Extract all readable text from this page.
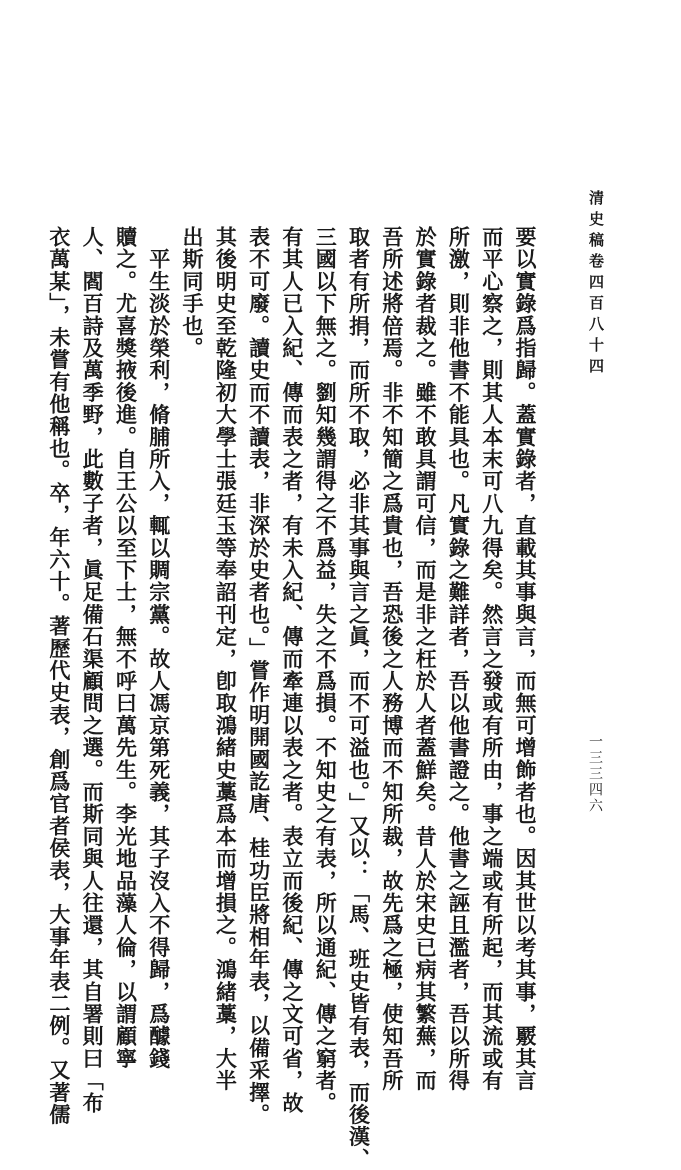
清史稿卷四百八十四
一三三四六
要以實錄爲指歸。蓋實錄者，直載其事與言，而無可增飾者也。因其世以考其事，覈其言
而平心察之，則其人本末可八九得矣。然言之發或有所由，事之端或有所起，而其流或有
所激，則非他書不能具也。凡實錄之難詳者，吾以他書證之。他書之誣且濫者，吾以所得
於實錄者裁之。雖不敢具謂可信，而是非之枉於人者蓋鮮矣。昔人於宋史已病其繁蕪，而
吾所述將倍焉。非不知簡之爲貴也，吾恐後之人務博而不知所裁，故先爲之極，使知吾所
取者有所捐，而所不取，必非其事與言之眞，而不可溢也。」又以：「馬、班史皆有表，而後漢、
三國以下無之。劉知幾謂得之不爲益，失之不爲損。不知史之有表，所以通紀、傳之窮者。
有其人已入紀、傳而表之者，有未入紀、傳而牽連以表之者。表立而後紀、傳之文可省，故
表不可廢。讀史而不讀表，非深於史者也。」嘗作明開國訖唐、桂功臣將相年表，以備采擇。
其後明史至乾隆初大學士張廷玉等奉詔刊定，卽取鴻緒史藁爲本而增損之。鴻緒藁，大半
出斯同手也。
　平生淡於榮利，脩脯所入，輒以賙宗黨。故人馮京第死義，其子沒入不得歸，爲醵錢
贖之。尤喜獎掖後進。自王公以至下士，無不呼曰萬先生。李光地品藻人倫，以謂顧寧
人、閻百詩及萬季野，此數子者，眞足備石渠顧問之選。而斯同與人往還，其自署則曰「布
衣萬某」，未嘗有他稱也。卒，年六十。著歷代史表，創爲官者侯表，大事年表二例。又著儒
